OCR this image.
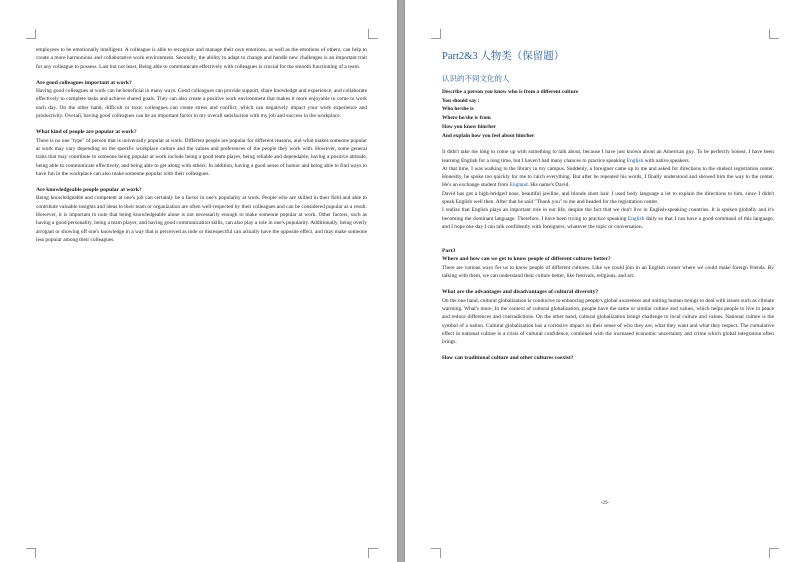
employees to be emotionally intelligent. A colleague is able to recognize and manage their own emotions, as well as the emotions of others, can help to create a more harmonious and collaborative work environment. Secondly, the ability to adapt to change and handle new challenges is an important trait for any colleague to possess. Last but not least, Being able to communicate effectively with colleagues is crucial for the smooth functioning of a team.

Are good colleagues important at work?

Having good colleagues at work can be beneficial in many ways. Good colleagues can provide support, share knowledge and experience, and collaborate effectively to complete tasks and achieve shared goals. They can also create a positive work environment that makes it more enjoyable to come to work each day. On the other hand, difficult or toxic colleagues can create stress and conflict, which can negatively impact your work experience and productivity. Overall, having good colleagues can be an important factor in my overall satisfaction with my job and success in the workplace.

What kind of people are popular at work?

There is no one "type" of person that is universally popular at work. Different people are popular for different reasons, and what makes someone popular at work may vary depending on the specific workplace culture and the values and preferences of the people they work with. However, some general traits that may contribute to someone being popular at work include being a good team player, being reliable and dependable, having a positive attitude, being able to communicate effectively, and being able to get along with others. In addition, having a good sense of humor and being able to find ways to have fun in the workplace can also make someone popular with their colleagues.

Are knowledgeable people popular at work?

Being knowledgeable and competent at one's job can certainly be a factor in one's popularity at work. People who are skilled in their field and able to contribute valuable insights and ideas to their team or organization are often well-respected by their colleagues and can be considered popular as a result. However, it is important to note that being knowledgeable alone is not necessarily enough to make someone popular at work. Other factors, such as having a good personality, being a team player, and having good communication skills, can also play a role in one's popularity. Additionally, being overly arrogant or showing off one's knowledge in a way that is perceived as rude or disrespectful can actually have the opposite effect, and may make someone less popular among their colleagues.

Part2&3 人物类（保留题）
认识的不同文化的人

Describe a person you know who is from a different culture

You should say :

Who he/she is

Where he/she is from

How you know him/her

And explain how you feel about him/her

It didn't take me long to come up with something to talk about, because I have just known about an American guy. To be perfectly honest, I have been learning English for a long time, but I haven't had many chances to practice speaking English with native speakers.
At that time, I was walking in the library in my campus. Suddenly, a foreigner came up to me and asked for directions to the student registration center. Honestly, he spoke too quickly for me to catch everything. But after he repeated his words, I finally understood and showed him the way to the center. He's an exchange student from England. His name's David.
David has got a high-bridged nose, beautiful jawline, and blonde short hair. I used body language a lot to explain the directions to him, since I didn't speak English well then. After that he said "Thank you" to me and headed for the registration center.
I realize that English plays an important role in our life, despite the fact that we don't live in English-speaking countries. It is spoken globally and it's becoming the dominant language. Therefore, I have been trying to practice speaking English daily so that I can have a good command of this language, and I hope one day I can talk confidently with foreigners, whatever the topic or conversation.

Part3
Where and how can we get to know people of different cultures better?

There are various ways for us to know people of different cultures. Like we could join in an English corner where we could make foreign friends. By talking with them, we can understand their culture better, like festivals, religions, and art.

What are the advantages and disadvantages of cultural diversity?

On the one hand, cultural globalization is conducive to enhancing people's global awareness and uniting human beings to deal with issues such as climate warming. What's more, In the context of cultural globalization, people have the same or similar culture and values, which helps people to live in peace and reduce differences and contradictions. On the other hand, cultural globalization brings challenge to local culture and values. National culture is the symbol of a nation. Cultural globalization has a corrosive impact on their sense of who they are, what they want and what they respect. The cumulative effect in national culture is a crisis of cultural confidence, combined with the increased economic uncertainty and crime which global integration often brings.

How can traditional culture and other cultures coexist?
-29-
